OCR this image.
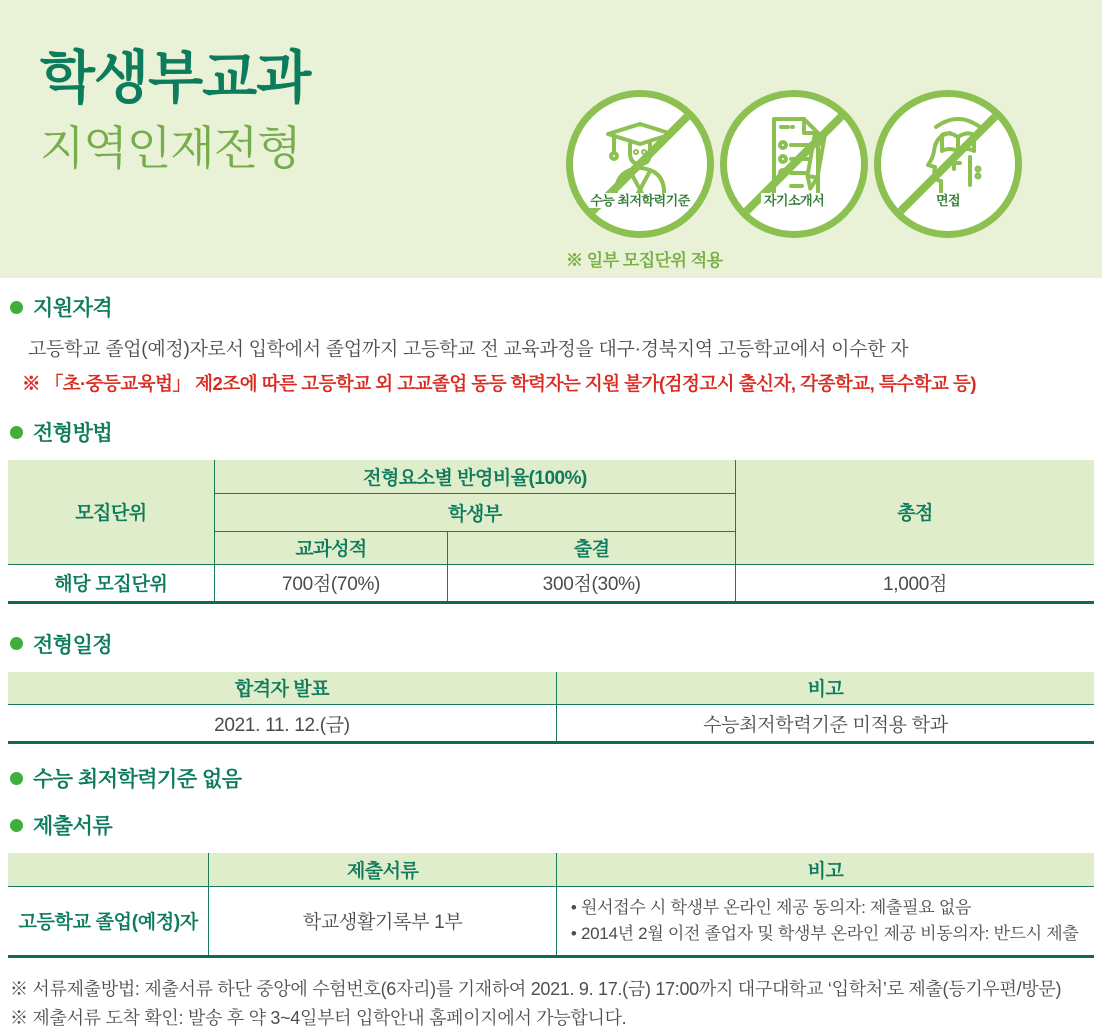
학생부교과
지역인재전형
수능 최저학력기준	자기소개서	면접
※ 일부 모집단위 적용
지원자격

고등학교 졸업(예정)자로서 입학에서 졸업까지 고등학교 전 교육과정을 대구·경북지역 고등학교에서 이수한 자

※ 「초·중등교육법」 제2조에 따른 고등학교 외 고교졸업 동등 학력자는 지원 불가(검정고시 출신자, 각종학교, 특수학교 등)

전형방법
모집단위	전형요소별 반영비율(100%)		총점
	학생부		
	교과성적	출결	
해당 모집단위	700점(70%)	300점(30%)	1,000점
전형일정
합격자 발표	비고
2021. 11. 12.(금)	수능최저학력기준 미적용 학과
수능 최저학력기준 없음
제출서류
	제출서류	비고
고등학교 졸업(예정)자	학교생활기록부 1부	• 원서접수 시 학생부 온라인 제공 동의자: 제출필요 없음
• 2014년 2월 이전 졸업자 및 학생부 온라인 제공 비동의자: 반드시 제출

※ 서류제출방법: 제출서류 하단 중앙에 수험번호(6자리)를 기재하여 2021. 9. 17.(금) 17:00까지 대구대학교 ‘입학처’로 제출(등기우편/방문)

※ 제출서류 도착 확인: 발송 후 약 3~4일부터 입학안내 홈페이지에서 가능합니다.
